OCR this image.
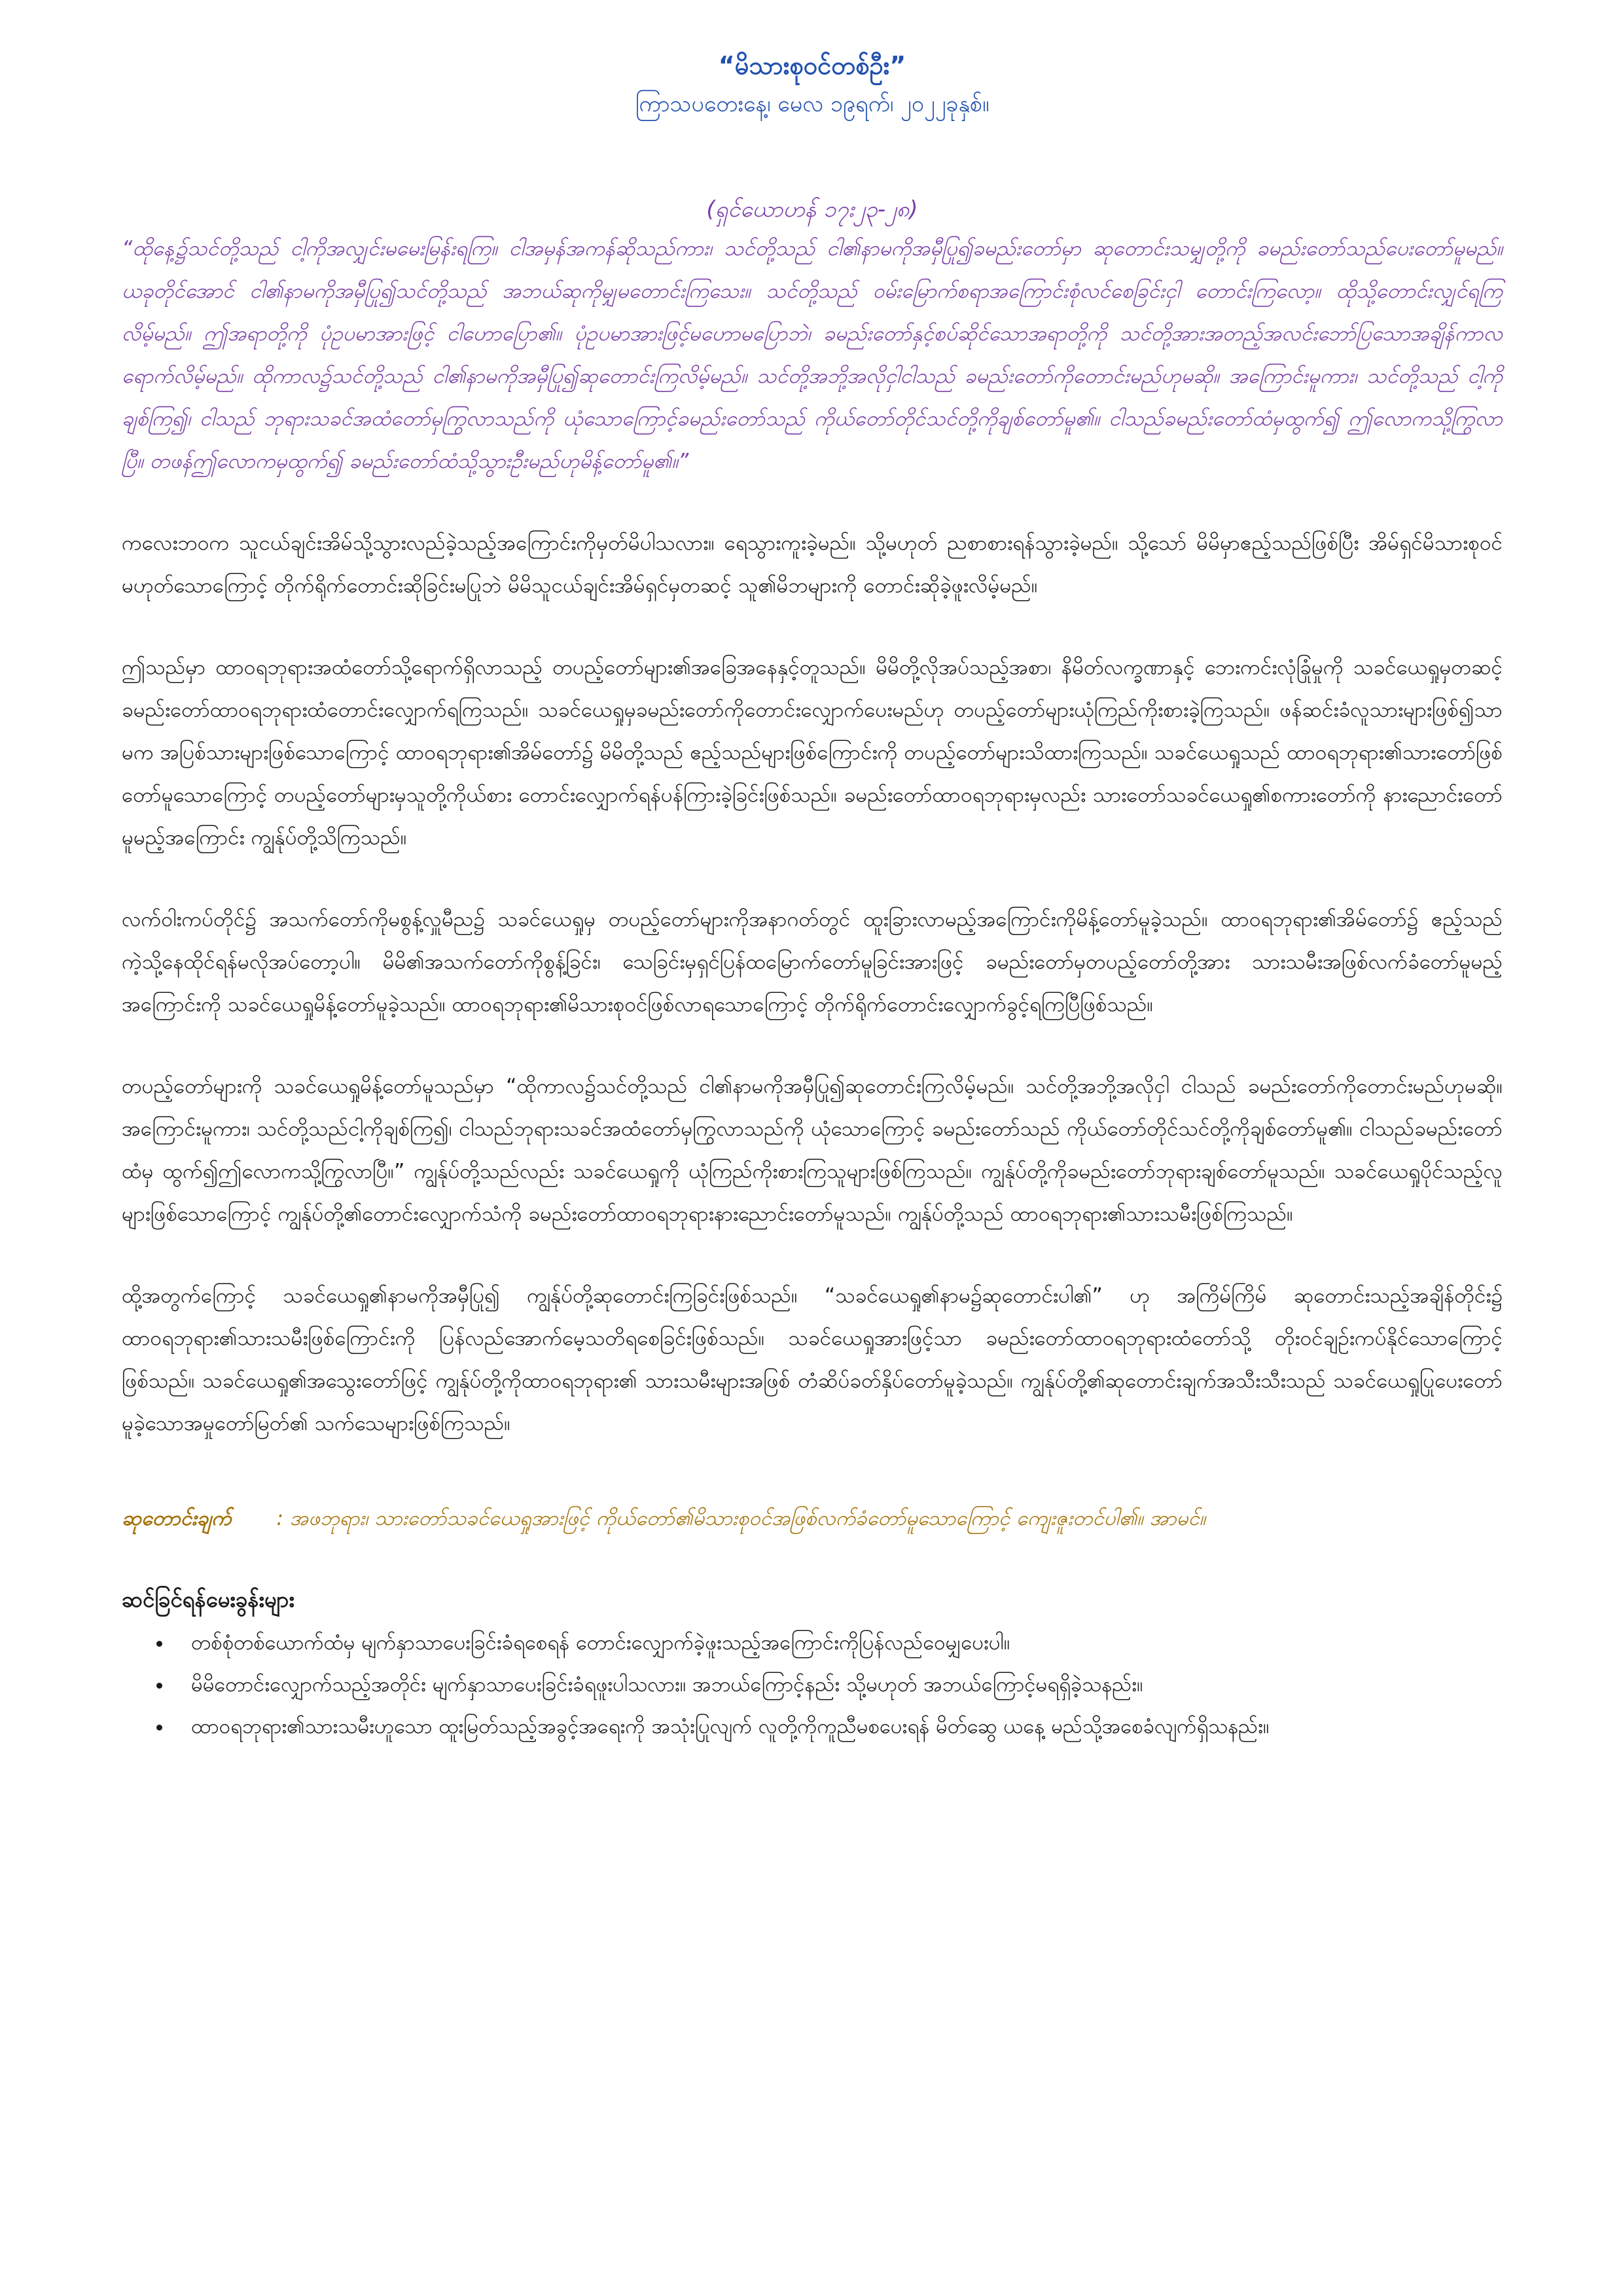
“မိသားစုဝင်တစ်ဦး”
ကြာသပတေးနေ့၊ မေလ ၁၉ရက်၊ ၂၀၂၂ခုနှစ်။
(ရှင်ယောဟန် ၁၇း၂၃-၂၈)
“ထိုနေ့၌သင်တို့သည် ငါ့ကိုအလျှင်းမမေးမြန်းရကြ။ ငါအမှန်အကန်ဆိုသည်ကား၊ သင်တို့သည် ငါ၏နာမကိုအမှီပြု၍ခမည်းတော်မှာ ဆုတောင်းသမျှတို့ကို ခမည်းတော်သည်ပေးတော်မူမည်။ ယခုတိုင်အောင် ငါ၏နာမကိုအမှီပြု၍သင်တို့သည် အဘယ်ဆုကိုမျှမတောင်းကြသေး။ သင်တို့သည် ဝမ်းမြောက်စရာအကြောင်းစုံလင်စေခြင်းငှါ တောင်းကြလော့။ ထိုသို့တောင်းလျှင်ရကြလိမ့်မည်။ ဤအရာတို့ကို ပုံဥပမာအားဖြင့် ငါဟောပြော၏။ ပုံဥပမာအားဖြင့်မဟောမပြောဘဲ၊ ခမည်းတော်နှင့်စပ်ဆိုင်သောအရာတို့ကို သင်တို့အားအတည့်အလင်းဘော်ပြသောအချိန်ကာလရောက်လိမ့်မည်။ ထိုကာလ၌သင်တို့သည် ငါ၏နာမကိုအမှီပြု၍ဆုတောင်းကြလိမ့်မည်။ သင်တို့အဘို့အလိုငှါငါသည် ခမည်းတော်ကိုတောင်းမည်ဟုမဆို။ အကြောင်းမူကား၊ သင်တို့သည် ငါ့ကိုချစ်ကြ၍၊ ငါသည် ဘုရားသခင်အထံတော်မှကြွလာသည်ကို ယုံသောကြောင့်ခမည်းတော်သည် ကိုယ်တော်တိုင်သင်တို့ကိုချစ်တော်မူ၏။ ငါသည်ခမည်းတော်ထံမှထွက်၍ ဤလောကသို့ကြွလာပြီ။ တဖန်ဤလောကမှထွက်၍ ခမည်းတော်ထံသို့သွားဦးမည်ဟုမိန့်တော်မူ၏။”

ကလေးဘဝက သူငယ်ချင်းအိမ်သို့သွားလည်ခဲ့သည့်အကြောင်းကိုမှတ်မိပါသလား။ ရေသွားကူးခဲ့မည်။ သို့မဟုတ် ညစာစားရန်သွားခဲ့မည်။ သို့သော် မိမိမှာဧည့်သည်ဖြစ်ပြီး အိမ်ရှင်မိသားစုဝင်မဟုတ်သောကြောင့် တိုက်ရိုက်တောင်းဆိုခြင်းမပြုဘဲ မိမိသူငယ်ချင်းအိမ်ရှင်မှတဆင့် သူ၏မိဘများကို တောင်းဆိုခဲ့ဖူးလိမ့်မည်။

ဤသည်မှာ ထာဝရဘုရားအထံတော်သို့ရောက်ရှိလာသည့် တပည့်တော်များ၏အခြေအနေနှင့်တူသည်။ မိမိတို့လိုအပ်သည့်အစာ၊ နိမိတ်လက္ခဏာနှင့် ဘေးကင်းလုံခြုံမှုကို သခင်ယေရှုမှတဆင့် ခမည်းတော်ထာဝရဘုရားထံတောင်းလျှောက်ရကြသည်။ သခင်ယေရှုမှခမည်းတော်ကိုတောင်းလျှောက်ပေးမည်ဟု တပည့်တော်များယုံကြည်ကိုးစားခဲ့ကြသည်။ ဖန်ဆင်းခံလူသားများဖြစ်၍သာမက အပြစ်သားများဖြစ်သောကြောင့် ထာဝရဘုရား၏အိမ်တော်၌ မိမိတို့သည် ဧည့်သည်များဖြစ်ကြောင်းကို တပည့်တော်များသိထားကြသည်။ သခင်ယေရှုသည် ထာဝရဘုရား၏သားတော်ဖြစ်တော်မူသောကြောင့် တပည့်တော်များမှသူတို့ကိုယ်စား တောင်းလျှောက်ရန်ပန်ကြားခဲ့ခြင်းဖြစ်သည်။ ခမည်းတော်ထာဝရဘုရားမှလည်း သားတော်သခင်ယေရှု၏စကားတော်ကို နားညောင်းတော်မူမည့်အကြောင်း ကျွန်ုပ်တို့သိကြသည်။

လက်ဝါးကပ်တိုင်၌ အသက်တော်ကိုမစွန့်လှူမီည၌ သခင်ယေရှုမှ တပည့်တော်များကိုအနာဂတ်တွင် ထူးခြားလာမည့်အကြောင်းကိုမိန့်တော်မူခဲ့သည်။ ထာဝရဘုရား၏အိမ်တော်၌ ဧည့်သည်ကဲ့သို့နေထိုင်ရန်မလိုအပ်တော့ပါ။ မိမိ၏အသက်တော်ကိုစွန့်ခြင်း၊ သေခြင်းမှရှင်ပြန်ထမြောက်တော်မူခြင်းအားဖြင့် ခမည်းတော်မှတပည့်တော်တို့အား သားသမီးအဖြစ်လက်ခံတော်မူမည့်အကြောင်းကို သခင်ယေရှုမိန့်တော်မူခဲ့သည်။ ထာဝရဘုရား၏မိသားစုဝင်ဖြစ်လာရသောကြောင့် တိုက်ရိုက်တောင်းလျှောက်ခွင့်ရကြပြီဖြစ်သည်။

တပည့်တော်များကို သခင်ယေရှုမိန့်တော်မူသည်မှာ “ထိုကာလ၌သင်တို့သည် ငါ၏နာမကိုအမှီပြု၍ဆုတောင်းကြလိမ့်မည်။ သင်တို့အဘို့အလိုငှါ ငါသည် ခမည်းတော်ကိုတောင်းမည်ဟုမဆို။ အကြောင်းမူကား၊ သင်တို့သည်ငါ့ကိုချစ်ကြ၍၊ ငါသည်ဘုရားသခင်အထံတော်မှကြွလာသည်ကို ယုံသောကြောင့် ခမည်းတော်သည် ကိုယ်တော်တိုင်သင်တို့ကိုချစ်တော်မူ၏။ ငါသည်ခမည်းတော်ထံမှ ထွက်၍ဤလောကသို့ကြွလာပြီ။” ကျွန်ုပ်တို့သည်လည်း သခင်ယေရှုကို ယုံကြည်ကိုးစားကြသူများဖြစ်ကြသည်။ ကျွန်ုပ်တို့ကိုခမည်းတော်ဘုရားချစ်တော်မူသည်။ သခင်ယေရှုပိုင်သည့်လူများဖြစ်သောကြောင့် ကျွန်ုပ်တို့၏တောင်းလျှောက်သံကို ခမည်းတော်ထာဝရဘုရားနားညောင်းတော်မူသည်။ ကျွန်ုပ်တို့သည် ထာဝရဘုရား၏သားသမီးဖြစ်ကြသည်။

ထို့အတွက်ကြောင့် သခင်ယေရှု၏နာမကိုအမှီပြု၍ ကျွန်ုပ်တို့ဆုတောင်းကြခြင်းဖြစ်သည်။ “သခင်ယေရှု၏နာမ၌ဆုတောင်းပါ၏” ဟု အကြိမ်ကြိမ် ဆုတောင်းသည့်အချိန်တိုင်း၌ ထာဝရဘုရား၏သားသမီးဖြစ်ကြောင်းကို ပြန်လည်အောက်မေ့သတိရစေခြင်းဖြစ်သည်။ သခင်ယေရှုအားဖြင့်သာ ခမည်းတော်ထာဝရဘုရားထံတော်သို့ တိုးဝင်ချဉ်းကပ်နိုင်သောကြောင့်ဖြစ်သည်။ သခင်ယေရှု၏အသွေးတော်ဖြင့် ကျွန်ုပ်တို့ကိုထာဝရဘုရား၏ သားသမီးများအဖြစ် တံဆိပ်ခတ်နှိပ်တော်မူခဲ့သည်။ ကျွန်ုပ်တို့၏ဆုတောင်းချက်အသီးသီးသည် သခင်ယေရှုပြုပေးတော်မူခဲ့သောအမှုတော်မြတ်၏ သက်သေများဖြစ်ကြသည်။

ဆုတောင်းချက် : အဖဘုရား၊ သားတော်သခင်ယေရှုအားဖြင့် ကိုယ်တော်၏မိသားစုဝင်အဖြစ်လက်ခံတော်မူသောကြောင့် ကျေးဇူးတင်ပါ၏။ အာမင်။
ဆင်ခြင်ရန်မေးခွန်းများ
• တစ်စုံတစ်ယောက်ထံမှ မျက်နှာသာပေးခြင်းခံရစေရန် တောင်းလျှောက်ခဲ့ဖူးသည့်အကြောင်းကိုပြန်လည်ဝေမျှပေးပါ။
• မိမိတောင်းလျှောက်သည့်အတိုင်း မျက်နှာသာပေးခြင်းခံရဖူးပါသလား။ အဘယ်ကြောင့်နည်း သို့မဟုတ် အဘယ်ကြောင့်မရရှိခဲ့သနည်း။
• ထာဝရဘုရား၏သားသမီးဟူသော ထူးမြတ်သည့်အခွင့်အရေးကို အသုံးပြုလျက် လူတို့ကိုကူညီမစပေးရန် မိတ်ဆွေ ယနေ့ မည်သို့အစေခံလျက်ရှိသနည်း။
